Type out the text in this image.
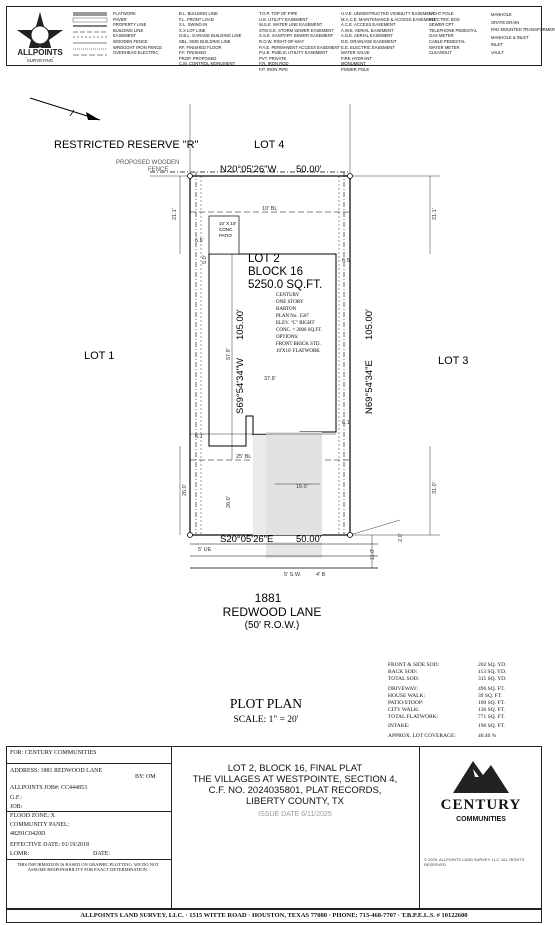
ALLPOINTS
SURVEYING
FLATWORK
PAVER
PROPERTY LINE
BUILDING LINE
EASEMENT
WOODEN FENCE
WROUGHT IRON FENCE
OVERHEAD ELECTRIC
B.L. BUILDING LINE
F.L. FRONT LOAD
S.L. SWING-IN
X.X LOT LINE
G.B.L. GARAGE BUILDING LINE
SBL. SIDE BUILDING LINE
RF. FINISHED FLOOR
F.F. FINISHED
PROP. PROPOSED
C.M. CONTROL MONUMENT
T.O.P. TOP OF PIPE
U.E. UTILITY EASEMENT
W.S.E. WATER LINE EASEMENT
STM.S.E. STORM SEWER EASEMENT
S.S.E. SANITARY SEWER EASEMENT
R.O.W. RIGHT-OF-WAY
P.A.E. PERMANENT ACCESS EASEMENT
P.U.E. PUBLIC UTILITY EASEMENT
PVT. PRIVATE
F.R. IRON ROD
F.P. IRON PIPE
U.V.E. UNOBSTRUCTED VISIBILITY EASEMENT
M.A.C.E. MAINTENANCE & ACCESS EASEMENT
A.C.E. ACCESS EASEMENT
A.W.E. AERIAL EASEMENT
A.D.E. AERIAL EASEMENT
D.E. DRAINAGE EASEMENT
E.E. ELECTRIC EASEMENT
WATER VALVE
FIRE HYDRANT
MONUMENT
POWER POLE
LIGHT POLE
ELECTRIC BOX
SEWER CPT
TELEPHONE PEDESTAL
GAS METER
CABLE PEDESTAL
WATER METER
CLEANOUT
MANHOLE
GRATE DRAIN
PAD MOUNTED TRANSFORMER
MANHOLE & INLET
INLET
VAULT
RESTRICTED RESERVE "R"	LOT 4
LOT 1	LOT 3
PROPOSED WOODEN
FENCE	N20°05'26"W 50.00'
S20°05'26"E 50.00'
S69°54'34"W
105.00'
N69°54'34"E
105.00'
LOT 2
BLOCK 16
5250.0 SQ.FT.
10' X 10'
CONC.
PATIO
CENTURY
ONE STORY
BARTON
PLAN No. 1507
ELEV. "C" RIGHT
CONC. = 2006 SQ.FT.
OPTIONS:
FRONT BRICK STD.
10'X10' FLATWORK
10' BL
25' BL
5' UE
21.1'	21.1'
6.5'
5.0'	6.5'
57.9'
37.8'
6.1'
6.1'
26.0'
26.0'
31.0'
16.0'
11.0'
2.0'
5' S.W.	4' B
1881
REDWOOD LANE
(50' R.O.W.)
PLOT PLAN
SCALE: 1" = 20'
FRONT & SIDE SOD:	202 SQ. YD.
BACK SOD:	113 SQ. YD.
TOTAL SOD:	315 SQ. YD.
DRIVEWAY:	496 SQ. FT.
HOUSE WALK:	39 SQ. FT.
PATIO/STOOP:	100 SQ. FT.
CITY WALK:	136 SQ. FT.
TOTAL FLATWORK:	771 SQ. FT.
INTAKE:	196 SQ. FT.
APPROX. LOT COVERAGE:	40.40 %
FOR: CENTURY COMMUNITIES
ADDRESS: 1881 REDWOOD LANE
BY: OM
ALLPOINTS JOB#: CC444853
G.F.:
JOB:
FLOOD ZONE: X
COMMUNITY PANEL:
48291C0420D
EFFECTIVE DATE: 01/19/2018
LOMR:	DATE:
THIS INFORMATION IS BASED ON GRAPHIC PLOTTING. WE DO NOT ASSUME RESPONSIBILITY FOR EXACT DETERMINATION.
LOT 2, BLOCK 16, FINAL PLAT
THE VILLAGES AT WESTPOINTE, SECTION 4,
C.F. NO. 2024035801, PLAT RECORDS,
LIBERTY COUNTY, TX
ISSUE DATE 6/11/2025
CENTURY
COMMUNITIES
© 2025, ALLPOINTS LAND SURVEY, LLC. ALL RIGHTS RESERVED
ALLPOINTS LAND SURVEY, LLC. · 1515 WITTE ROAD · HOUSTON, TEXAS 77080 · PHONE: 713-468-7707 · T.B.P.E.L.S. # 10122600
